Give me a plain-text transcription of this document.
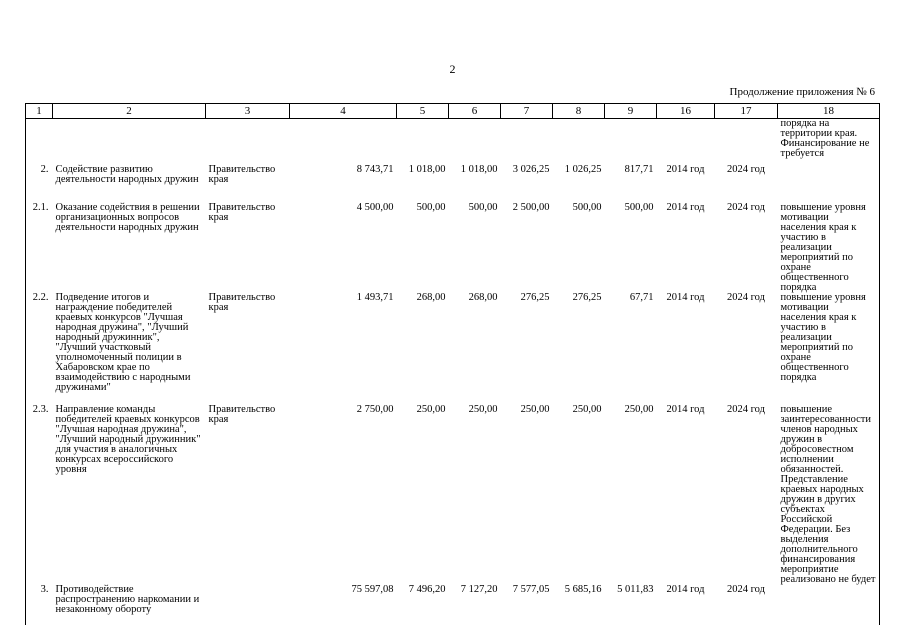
2
Продолжение приложения № 6
1	2	3	4	5	6	7	8	9	16	17	18
											порядка на территории края. Финансирование не требуется
2.	Содействие развитию деятельности народных дружин	Правительство края	8 743,71	1 018,00	1 018,00	3 026,25	1 026,25	817,71	2014 год	2024 год	
2.1.	Оказание содействия в решении организационных вопросов деятельности народных дружин	Правительство края	4 500,00	500,00	500,00	2 500,00	500,00	500,00	2014 год	2024 год	повышение уровня мотивации населения края к участию в реализации мероприятий по охране общественного порядка
2.2.	Подведение итогов и награждение победителей краевых конкурсов "Лучшая народная дружина", "Лучший народный дружинник", "Лучший участковый уполномоченный полиции в Хабаровском крае по взаимодействию с народными дружинами"	Правительство края	1 493,71	268,00	268,00	276,25	276,25	67,71	2014 год	2024 год	повышение уровня мотивации населения края к участию в реализации мероприятий по охране общественного порядка
2.3.	Направление команды победителей краевых конкурсов "Лучшая народная дружина", "Лучший народный дружинник" для участия в аналогичных конкурсах всероссийского уровня	Правительство края	2 750,00	250,00	250,00	250,00	250,00	250,00	2014 год	2024 год	повышение заинтересованности членов народных дружин в добросовестном исполнении обязанностей. Представление краевых народных дружин в других субъектах Российской Федерации. Без выделения дополнительного финансирования мероприятие реализовано не будет
3.	Противодействие распространению наркомании и незаконному обороту		75 597,08	7 496,20	7 127,20	7 577,05	5 685,16	5 011,83	2014 год	2024 год	
